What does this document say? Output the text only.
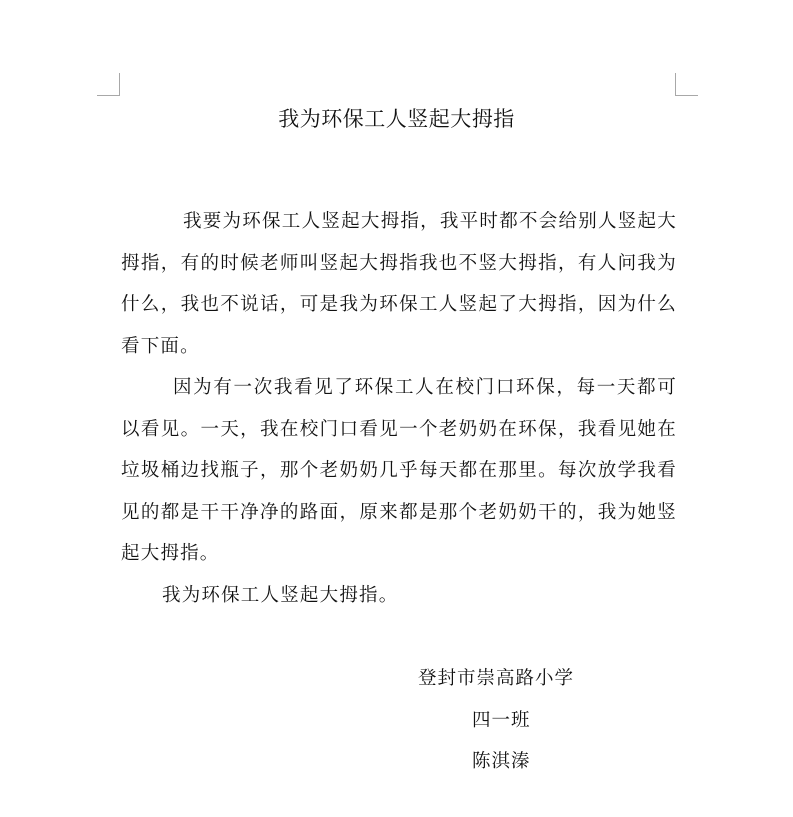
我为环保工人竖起大拇指
我要为环保工人竖起大拇指，我平时都不会给别人竖起大拇指，有的时候老师叫竖起大拇指我也不竖大拇指，有人问我为什么，我也不说话，可是我为环保工人竖起了大拇指，因为什么看下面。
因为有一次我看见了环保工人在校门口环保，每一天都可以看见。一天，我在校门口看见一个老奶奶在环保，我看见她在垃圾桶边找瓶子，那个老奶奶几乎每天都在那里。每次放学我看见的都是干干净净的路面，原来都是那个老奶奶干的，我为她竖起大拇指。
我为环保工人竖起大拇指。
登封市崇高路小学
四一班
陈淇溱
